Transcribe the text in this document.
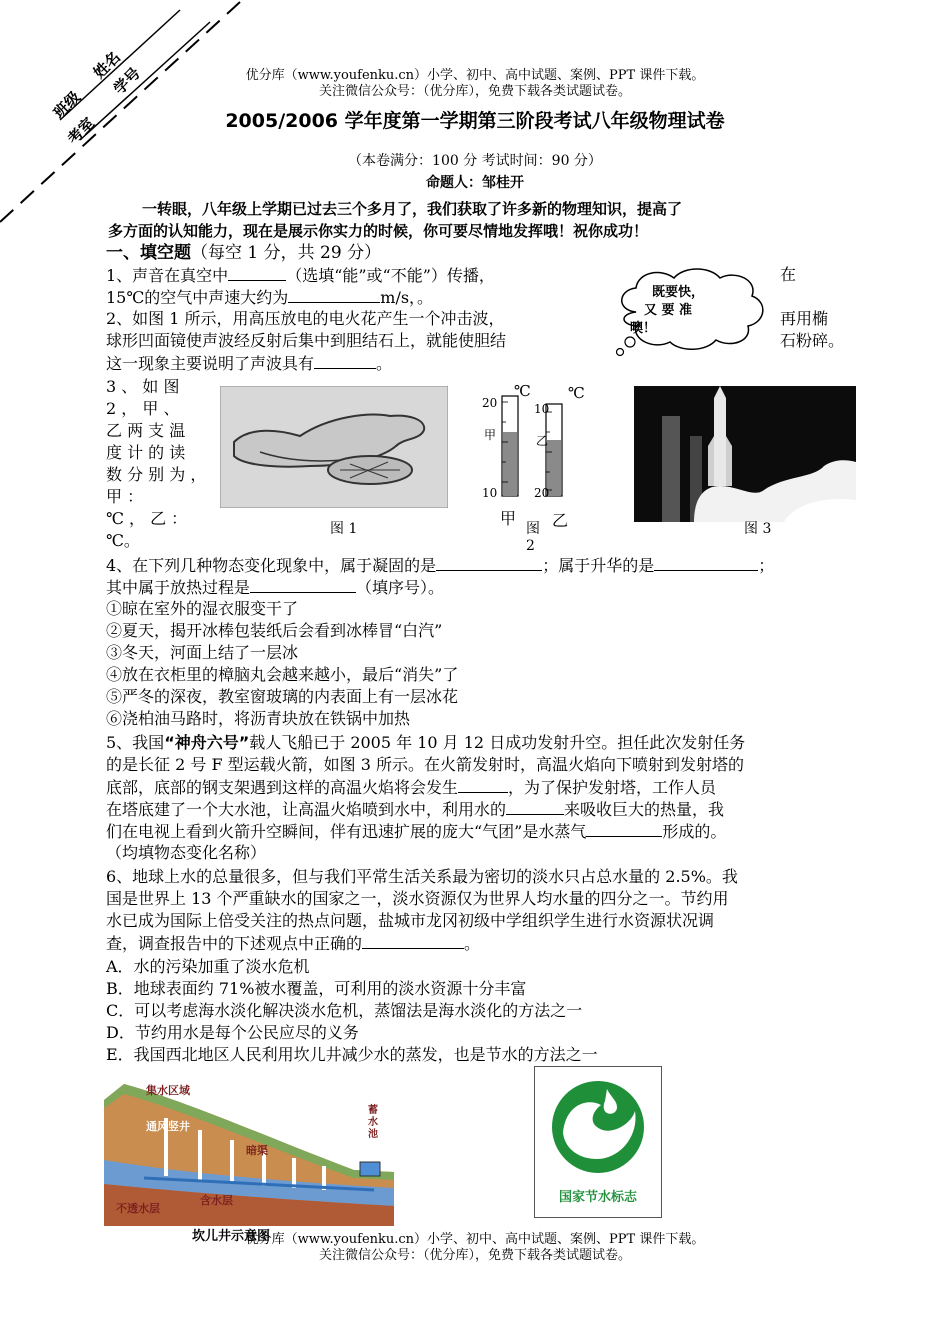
班级
姓名
考室
学号	优分库（www.youfenku.cn）小学、初中、高中试题、案例、PPT 课件下载。
关注微信公众号：（优分库），免费下载各类试题试卷。
2005/2006 学年度第一学期第三阶段考试八年级物理试卷
（本卷满分：100 分 考试时间：90 分）
命题人：邹桂开
一转眼，八年级上学期已过去三个多月了，我们获取了许多新的物理知识，提高了
多方面的认知能力，现在是展示你实力的时候，你可要尽情地发挥哦！祝你成功！
一、填空题（每空 1 分，共 29 分）
1、声音在真空中	（选填“能”或“不能”）传播，	在
15℃的空气中声速大约为	m/s，。	既要快，
又 要 准
噢！
2、如图 1 所示，用高压放电的电火花产生一个冲击波，	再用椭
球形凹面镜使声波经反射后集中到胆结石上，就能使胆结	石粉碎。
这一现象主要说明了声波具有	。
3 、 如 图
2 ， 甲 、
乙 两 支 温
度 计 的 读
数 分 别 为 ，
甲 ：
℃ ， 乙 ：
℃。
图 1
℃ ℃
20
甲
10
10
乙
20
甲 乙
图
2
图 3
4、在下列几种物态变化现象中，属于凝固的是	；属于升华的是	；
其中属于放热过程是	（填序号）。
①晾在室外的湿衣服变干了
②夏天，揭开冰棒包装纸后会看到冰棒冒“白汽”
③冬天，河面上结了一层冰
④放在衣柜里的樟脑丸会越来越小，最后“消失”了
⑤严冬的深夜，教室窗玻璃的内表面上有一层冰花
⑥浇柏油马路时，将沥青块放在铁锅中加热
5、我国“神舟六号”载人飞船已于 2005 年 10 月 12 日成功发射升空。担任此次发射任务
的是长征 2 号 F 型运载火箭，如图 3 所示。在火箭发射时，高温火焰向下喷射到发射塔的
底部，底部的钢支架遇到这样的高温火焰将会发生	，为了保护发射塔，工作人员
在塔底建了一个大水池，让高温火焰喷到水中，利用水的	来吸收巨大的热量，我
们在电视上看到火箭升空瞬间，伴有迅速扩展的庞大“气团”是水蒸气	形成的。
（均填物态变化名称）
6、地球上水的总量很多，但与我们平常生活关系最为密切的淡水只占总水量的 2.5%。我
国是世界上 13 个严重缺水的国家之一，淡水资源仅为世界人均水量的四分之一。节约用
水已成为国际上倍受关注的热点问题，盐城市龙冈初级中学组织学生进行水资源状况调
查，调查报告中的下述观点中正确的	。
A．水的污染加重了淡水危机
B．地球表面约 71%被水覆盖，可利用的淡水资源十分丰富
C．可以考虑海水淡化解决淡水危机，蒸馏法是海水淡化的方法之一
D．节约用水是每个公民应尽的义务
E．我国西北地区人民利用坎儿井减少水的蒸发，也是节水的方法之一
集水区域
通风竖井
暗渠
蓄
水
池
含水层
不透水层
坎儿井示意图
国家节水标志
优分库（www.youfenku.cn）小学、初中、高中试题、案例、PPT 课件下载。
关注微信公众号：（优分库），免费下载各类试题试卷。
